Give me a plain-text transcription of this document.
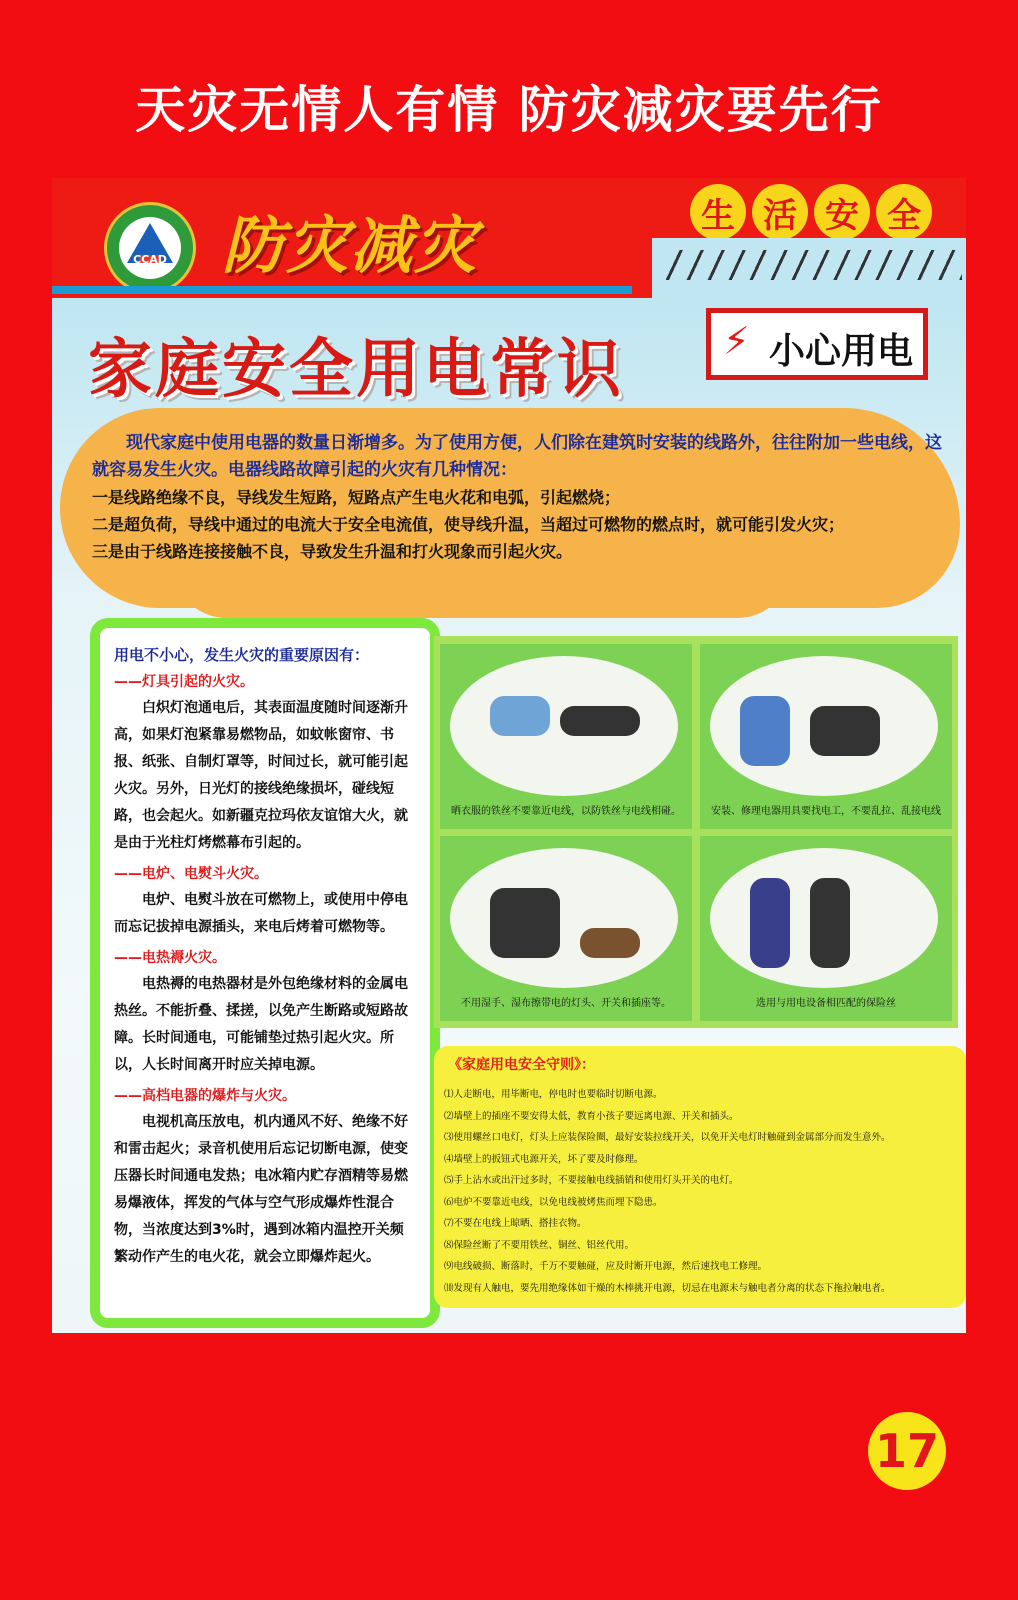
天灾无情人有情 防灾减灾要先行
CCAD 防灾减灾	生 活 安 全
家庭安全用电常识	⚡ 小心用电
现代家庭中使用电器的数量日渐增多。为了使用方便，人们除在建筑时安装的线路外，往往附加一些电线，这就容易发生火灾。电器线路故障引起的火灾有几种情况：
一是线路绝缘不良，导线发生短路，短路点产生电火花和电弧，引起燃烧；
二是超负荷，导线中通过的电流大于安全电流值，使导线升温，当超过可燃物的燃点时，就可能引发火灾；
三是由于线路连接接触不良，导致发生升温和打火现象而引起火灾。
用电不小心，发生火灾的重要原因有：
——灯具引起的火灾。
白炽灯泡通电后，其表面温度随时间逐渐升高，如果灯泡紧靠易燃物品，如蚊帐窗帘、书报、纸张、自制灯罩等，时间过长，就可能引起火灾。另外，日光灯的接线绝缘损坏，碰线短路，也会起火。如新疆克拉玛依友谊馆大火，就是由于光柱灯烤燃幕布引起的。
——电炉、电熨斗火灾。
电炉、电熨斗放在可燃物上，或使用中停电而忘记拔掉电源插头，来电后烤着可燃物等。
——电热褥火灾。
电热褥的电热器材是外包绝缘材料的金属电热丝。不能折叠、揉搓，以免产生断路或短路故障。长时间通电，可能铺垫过热引起火灾。所以，人长时间离开时应关掉电源。
——高档电器的爆炸与火灾。
电视机高压放电，机内通风不好、绝缘不好和雷击起火；录音机使用后忘记切断电源，使变压器长时间通电发热；电冰箱内贮存酒精等易燃易爆液体，挥发的气体与空气形成爆炸性混合物，当浓度达到3%时，遇到冰箱内温控开关频繁动作产生的电火花，就会立即爆炸起火。
晒衣服的铁丝不要靠近电线，以防铁丝与电线相碰。	安装、修理电器用具要找电工，不要乱拉、乱接电线
不用湿手、湿布擦带电的灯头、开关和插座等。	选用与用电设备相匹配的保险丝
《家庭用电安全守则》：
⑴人走断电，用毕断电，停电时也要临时切断电源。
⑵墙壁上的插座不要安得太低，教育小孩子要远离电源、开关和插头。
⑶使用螺丝口电灯，灯头上应装保险圈，最好安装拉线开关，以免开关电灯时触碰到金属部分而发生意外。
⑷墙壁上的扳钮式电源开关，坏了要及时修理。
⑸手上沾水或出汗过多时，不要接触电线插销和使用灯头开关的电灯。
⑹电炉不要靠近电线，以免电线被烤焦而埋下隐患。
⑺不要在电线上晾晒、搭挂衣物。
⑻保险丝断了不要用铁丝、铜丝、铝丝代用。
⑼电线破损、断落时，千万不要触碰，应及时断开电源，然后速找电工修理。
⑽发现有人触电，要先用绝缘体如干燥的木棒挑开电源，切忌在电源未与触电者分离的状态下拖拉触电者。
17
